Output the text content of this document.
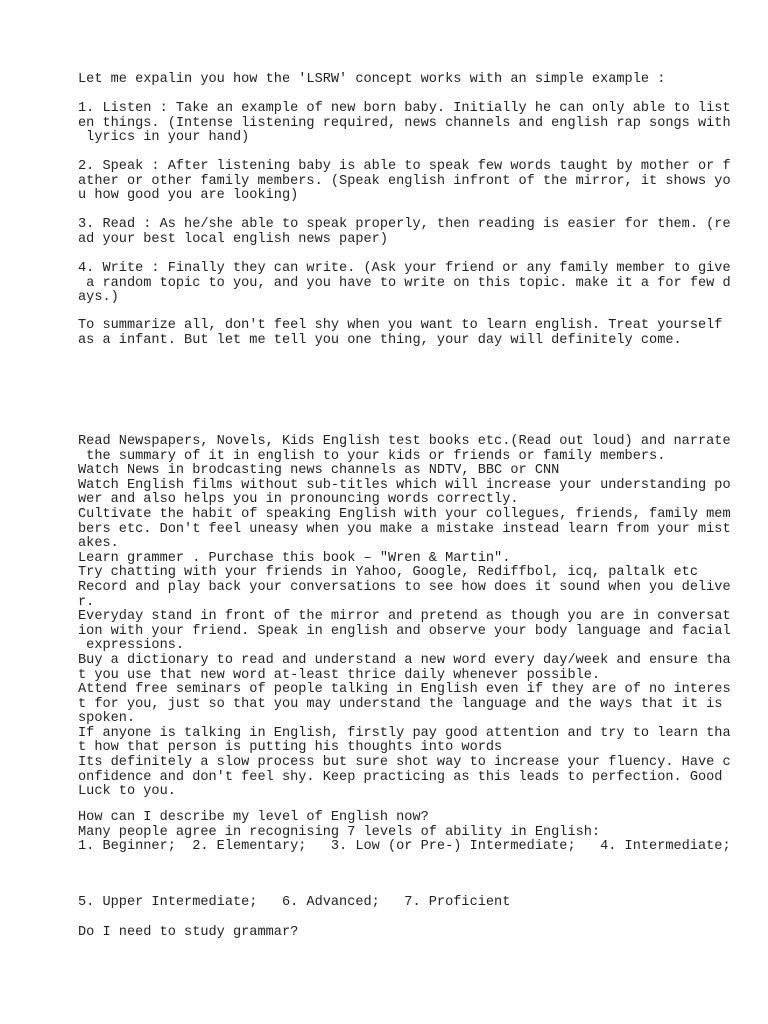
Let me expalin you how the 'LSRW' concept works with an simple example :

1. Listen : Take an example of new born baby. Initially he can only able to list
en things. (Intense listening required, news channels and english rap songs with
lyrics in your hand)

2. Speak : After listening baby is able to speak few words taught by mother or f
ather or other family members. (Speak english infront of the mirror, it shows yo
u how good you are looking)

3. Read : As he/she able to speak properly, then reading is easier for them. (re
ad your best local english news paper)

4. Write : Finally they can write. (Ask your friend or any family member to give
a random topic to you, and you have to write on this topic. make it a for few d
ays.)

To summarize all, don't feel shy when you want to learn english. Treat yourself
as a infant. But let me tell you one thing, your day will definitely come.

Read Newspapers, Novels, Kids English test books etc.(Read out loud) and narrate
the summary of it in english to your kids or friends or family members.
Watch News in brodcasting news channels as NDTV, BBC or CNN
Watch English films without sub-titles which will increase your understanding po
wer and also helps you in pronouncing words correctly.
Cultivate the habit of speaking English with your collegues, friends, family mem
bers etc. Don't feel uneasy when you make a mistake instead learn from your mist
akes.
Learn grammer . Purchase this book – "Wren & Martin".
Try chatting with your friends in Yahoo, Google, Rediffbol, icq, paltalk etc
Record and play back your conversations to see how does it sound when you delive
r.
Everyday stand in front of the mirror and pretend as though you are in conversat
ion with your friend. Speak in english and observe your body language and facial
expressions.
Buy a dictionary to read and understand a new word every day/week and ensure tha
t you use that new word at-least thrice daily whenever possible.
Attend free seminars of people talking in English even if they are of no interes
t for you, just so that you may understand the language and the ways that it is
spoken.
If anyone is talking in English, firstly pay good attention and try to learn tha
t how that person is putting his thoughts into words
Its definitely a slow process but sure shot way to increase your fluency. Have c
onfidence and don't feel shy. Keep practicing as this leads to perfection. Good
Luck to you.

How can I describe my level of English now?
Many people agree in recognising 7 levels of ability in English:
1. Beginner;  2. Elementary;   3. Low (or Pre-) Intermediate;   4. Intermediate;

5. Upper Intermediate;   6. Advanced;   7. Proficient

Do I need to study grammar?
